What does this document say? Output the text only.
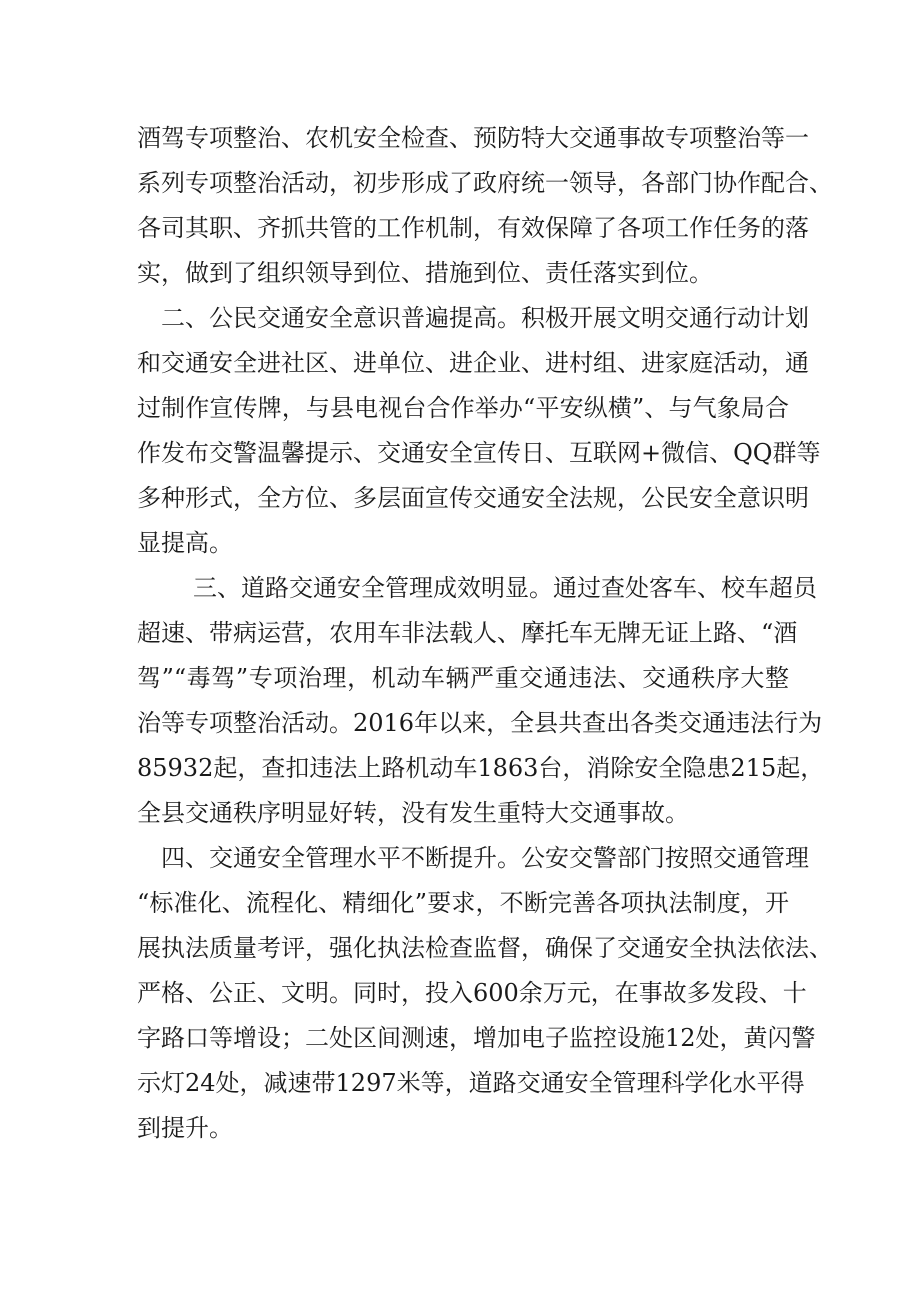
酒驾专项整治、农机安全检查、预防特大交通事故专项整治等一
系列专项整治活动，初步形成了政府统一领导，各部门协作配合、
各司其职、齐抓共管的工作机制，有效保障了各项工作任务的落
实，做到了组织领导到位、措施到位、责任落实到位。
二、公民交通安全意识普遍提高。积极开展文明交通行动计划
和交通安全进社区、进单位、进企业、进村组、进家庭活动，通
过制作宣传牌，与县电视台合作举办“平安纵横”、与气象局合
作发布交警温馨提示、交通安全宣传日、互联网+微信、QQ群等
多种形式，全方位、多层面宣传交通安全法规，公民安全意识明
显提高。
三、道路交通安全管理成效明显。通过查处客车、校车超员
超速、带病运营，农用车非法载人、摩托车无牌无证上路、“酒
驾”“毒驾”专项治理，机动车辆严重交通违法、交通秩序大整
治等专项整治活动。2016年以来，全县共查出各类交通违法行为
85932起，查扣违法上路机动车1863台，消除安全隐患215起，
全县交通秩序明显好转，没有发生重特大交通事故。
四、交通安全管理水平不断提升。公安交警部门按照交通管理
“标准化、流程化、精细化”要求，不断完善各项执法制度，开
展执法质量考评，强化执法检查监督，确保了交通安全执法依法、
严格、公正、文明。同时，投入600余万元，在事故多发段、十
字路口等增设；二处区间测速，增加电子监控设施12处，黄闪警
示灯24处，减速带1297米等，道路交通安全管理科学化水平得
到提升。
